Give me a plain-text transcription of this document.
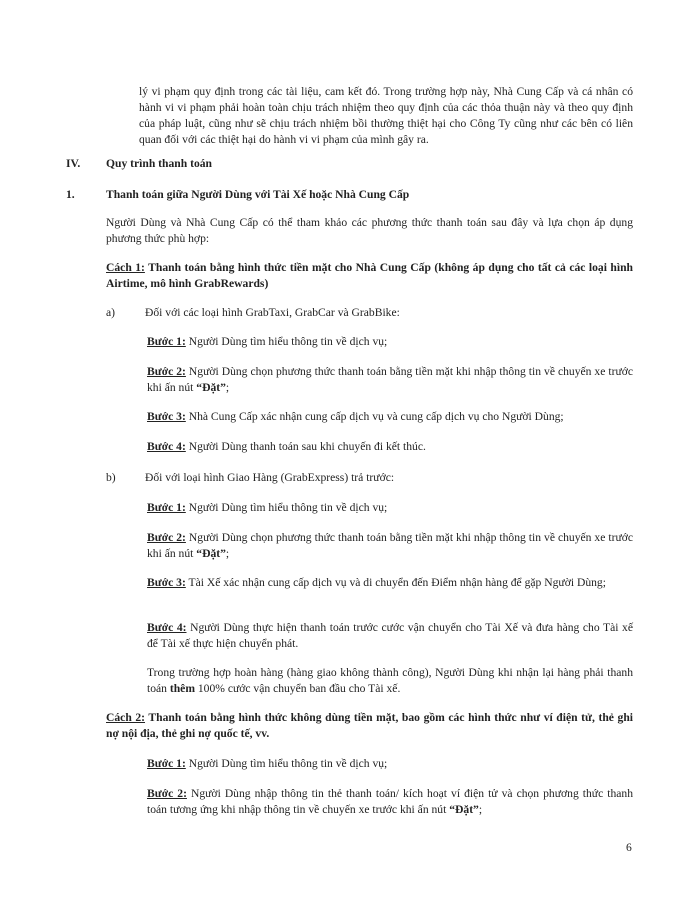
lý vi phạm quy định trong các tài liệu, cam kết đó. Trong trường hợp này, Nhà Cung Cấp và cá nhân có hành vi vi phạm phải hoàn toàn chịu trách nhiệm theo quy định của các thỏa thuận này và theo quy định của pháp luật, cũng như sẽ chịu trách nhiệm bồi thường thiệt hại cho Công Ty cũng như các bên có liên quan đối với các thiệt hại do hành vi vi phạm của mình gây ra.

IV. Quy trình thanh toán
1.	Thanh toán giữa Người Dùng với Tài Xế hoặc Nhà Cung Cấp

Người Dùng và Nhà Cung Cấp có thể tham khảo các phương thức thanh toán sau đây và lựa chọn áp dụng phương thức phù hợp:

Cách 1: Thanh toán bằng hình thức tiền mặt cho Nhà Cung Cấp (không áp dụng cho tất cả các loại hình Airtime, mô hình GrabRewards)

a)	Đối với các loại hình GrabTaxi, GrabCar và GrabBike:

Bước 1: Người Dùng tìm hiểu thông tin về dịch vụ;

Bước 2: Người Dùng chọn phương thức thanh toán bằng tiền mặt khi nhập thông tin về chuyến xe trước khi ấn nút “Đặt”;

Bước 3: Nhà Cung Cấp xác nhận cung cấp dịch vụ và cung cấp dịch vụ cho Người Dùng;

Bước 4: Người Dùng thanh toán sau khi chuyến đi kết thúc.

b)	Đối với loại hình Giao Hàng (GrabExpress) trả trước:

Bước 1: Người Dùng tìm hiểu thông tin về dịch vụ;

Bước 2: Người Dùng chọn phương thức thanh toán bằng tiền mặt khi nhập thông tin về chuyến xe trước khi ấn nút “Đặt”;

Bước 3: Tài Xế xác nhận cung cấp dịch vụ và di chuyển đến Điểm nhận hàng để gặp Người Dùng;

Bước 4: Người Dùng thực hiện thanh toán trước cước vận chuyển cho Tài Xế và đưa hàng cho Tài xế để Tài xế thực hiện chuyển phát.

Trong trường hợp hoàn hàng (hàng giao không thành công), Người Dùng khi nhận lại hàng phải thanh toán thêm 100% cước vận chuyển ban đầu cho Tài xế.

Cách 2: Thanh toán bằng hình thức không dùng tiền mặt, bao gồm các hình thức như ví điện tử, thẻ ghi nợ nội địa, thẻ ghi nợ quốc tế, vv.

Bước 1: Người Dùng tìm hiểu thông tin về dịch vụ;

Bước 2: Người Dùng nhập thông tin thẻ thanh toán/ kích hoạt ví điện tử và chọn phương thức thanh toán tương ứng khi nhập thông tin về chuyến xe trước khi ấn nút “Đặt”;

6
